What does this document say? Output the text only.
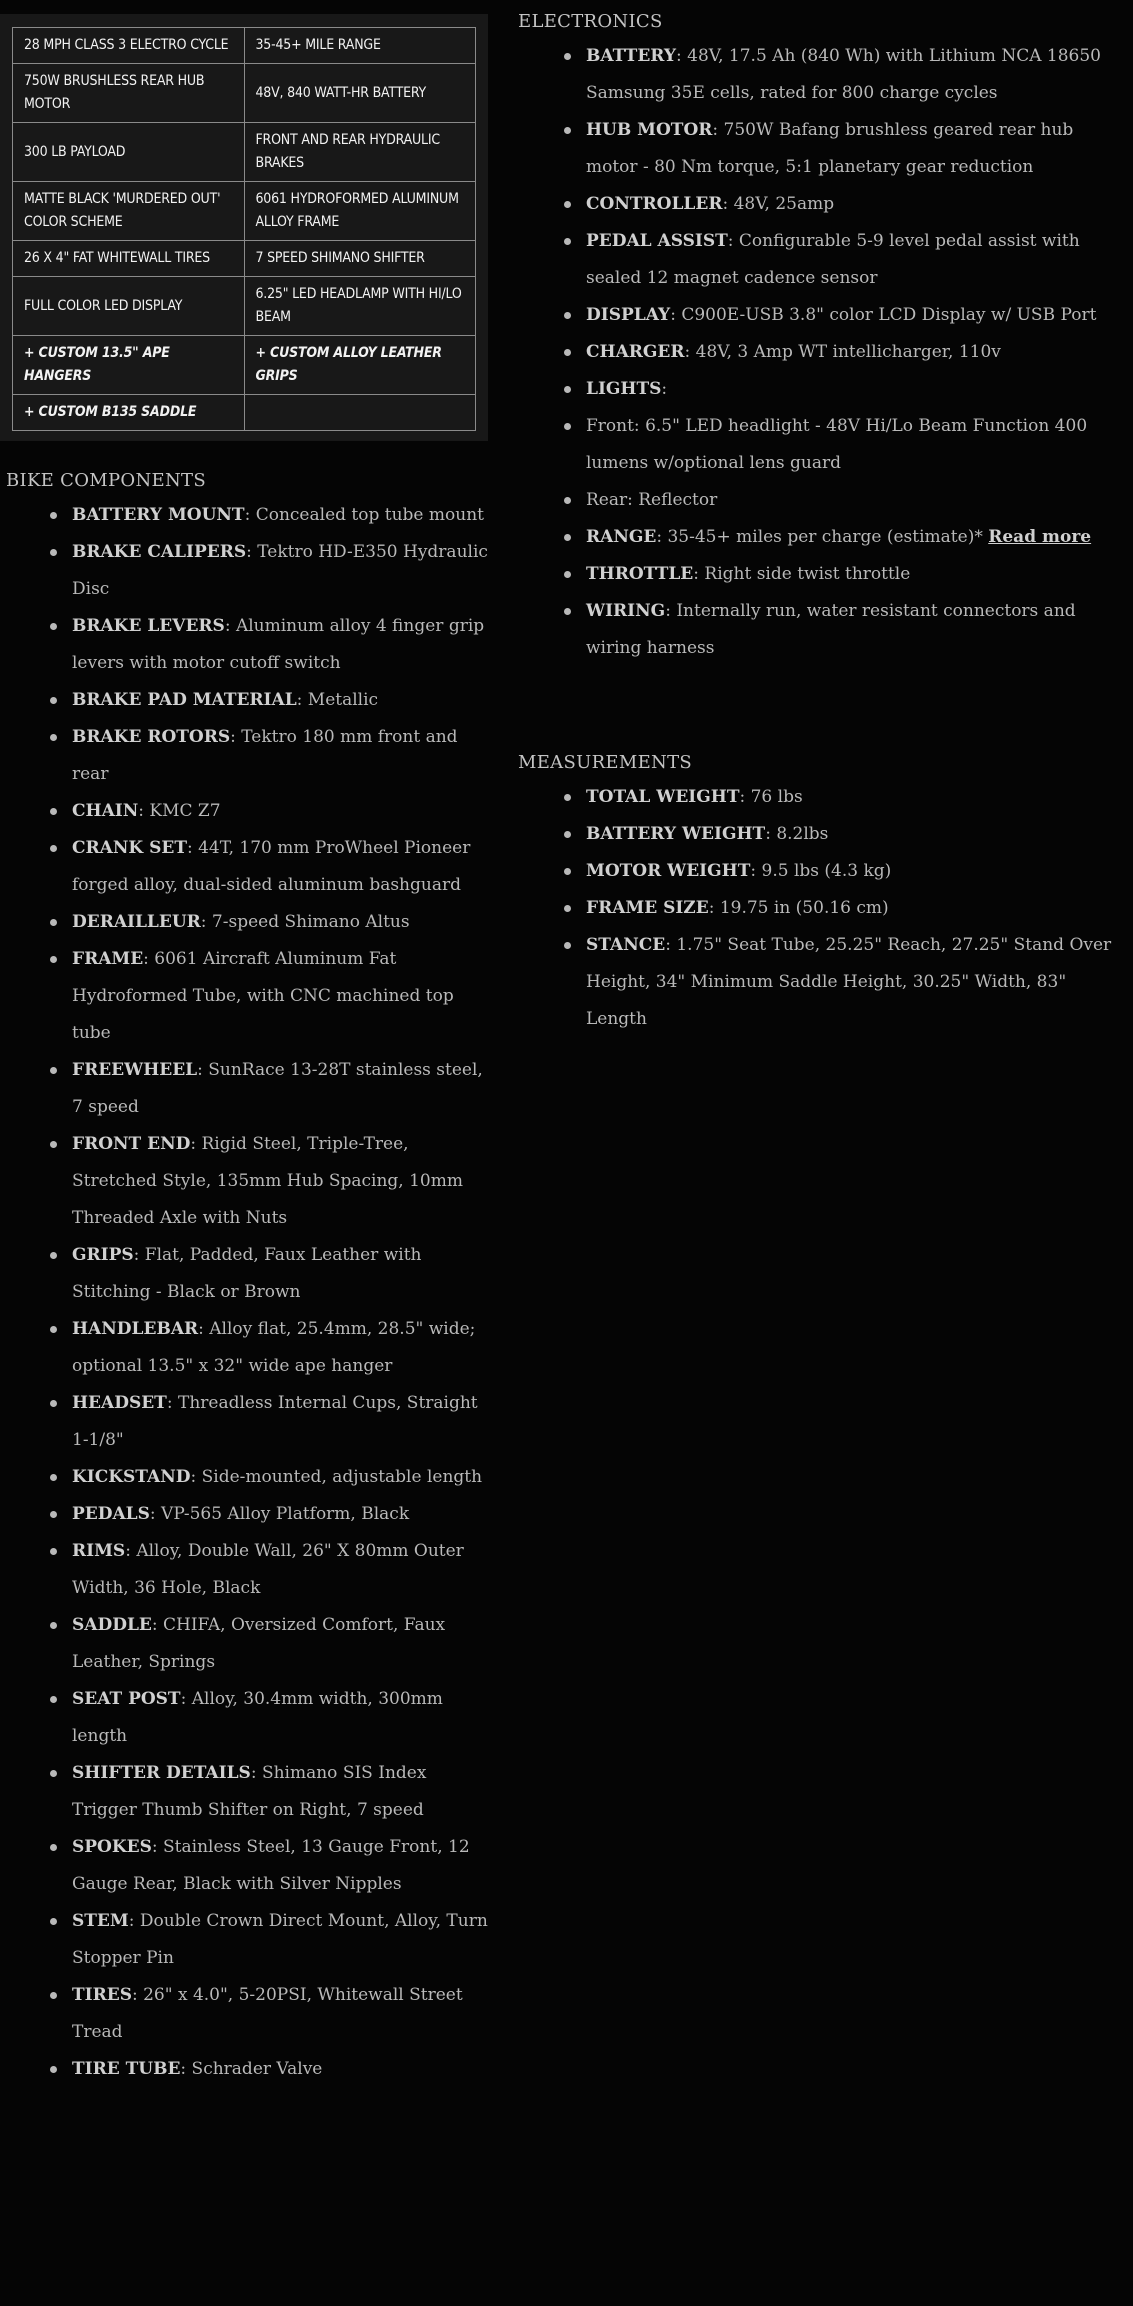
28 MPH CLASS 3 ELECTRO CYCLE	35-45+ MILE RANGE
750W BRUSHLESS REAR HUB MOTOR	48V, 840 WATT-HR BATTERY
300 LB PAYLOAD	FRONT AND REAR HYDRAULIC BRAKES
MATTE BLACK 'MURDERED OUT' COLOR SCHEME	6061 HYDROFORMED ALUMINUM ALLOY FRAME
26 X 4" FAT WHITEWALL TIRES	7 SPEED SHIMANO SHIFTER
FULL COLOR LED DISPLAY	6.25" LED HEADLAMP WITH HI/LO BEAM
+ CUSTOM 13.5" APE HANGERS	+ CUSTOM ALLOY LEATHER GRIPS
+ CUSTOM B135 SADDLE	
BIKE COMPONENTS
BATTERY MOUNT: Concealed top tube mount
BRAKE CALIPERS: Tektro HD-E350 Hydraulic Disc
BRAKE LEVERS: Aluminum alloy 4 finger grip levers with motor cutoff switch
BRAKE PAD MATERIAL: Metallic
BRAKE ROTORS: Tektro 180 mm front and rear
CHAIN: KMC Z7
CRANK SET: 44T, 170 mm ProWheel Pioneer forged alloy, dual-sided aluminum bashguard
DERAILLEUR: 7-speed Shimano Altus
FRAME: 6061 Aircraft Aluminum Fat Hydroformed Tube, with CNC machined top tube
FREEWHEEL: SunRace 13-28T stainless steel, 7 speed
FRONT END: Rigid Steel, Triple-Tree, Stretched Style, 135mm Hub Spacing, 10mm Threaded Axle with Nuts
GRIPS: Flat, Padded, Faux Leather with Stitching - Black or Brown
HANDLEBAR: Alloy flat, 25.4mm, 28.5" wide; optional 13.5" x 32" wide ape hanger
HEADSET: Threadless Internal Cups, Straight 1-1/8"
KICKSTAND: Side-mounted, adjustable length
PEDALS: VP-565 Alloy Platform, Black
RIMS: Alloy, Double Wall, 26" X 80mm Outer Width, 36 Hole, Black
SADDLE: CHIFA, Oversized Comfort, Faux Leather, Springs
SEAT POST: Alloy, 30.4mm width, 300mm length
SHIFTER DETAILS: Shimano SIS Index Trigger Thumb Shifter on Right, 7 speed
SPOKES: Stainless Steel, 13 Gauge Front, 12 Gauge Rear, Black with Silver Nipples
STEM: Double Crown Direct Mount, Alloy, Turn Stopper Pin
TIRES: 26" x 4.0", 5-20PSI, Whitewall Street Tread
TIRE TUBE: Schrader Valve
ELECTRONICS
BATTERY: 48V, 17.5 Ah (840 Wh) with Lithium NCA 18650 Samsung 35E cells, rated for 800 charge cycles
HUB MOTOR: 750W Bafang brushless geared rear hub motor - 80 Nm torque, 5:1 planetary gear reduction
CONTROLLER: 48V, 25amp
PEDAL ASSIST: Configurable 5-9 level pedal assist with sealed 12 magnet cadence sensor
DISPLAY: C900E-USB 3.8" color LCD Display w/ USB Port
CHARGER: 48V, 3 Amp WT intellicharger, 110v
LIGHTS:
Front: 6.5" LED headlight - 48V Hi/Lo Beam Function 400 lumens w/optional lens guard
Rear: Reflector
RANGE: 35-45+ miles per charge (estimate)* Read more
THROTTLE: Right side twist throttle
WIRING: Internally run, water resistant connectors and wiring harness
MEASUREMENTS
TOTAL WEIGHT: 76 lbs
BATTERY WEIGHT: 8.2lbs
MOTOR WEIGHT: 9.5 lbs (4.3 kg)
FRAME SIZE: 19.75 in (50.16 cm)
STANCE: 1.75" Seat Tube, 25.25" Reach, 27.25" Stand Over Height, 34" Minimum Saddle Height, 30.25" Width, 83" Length
